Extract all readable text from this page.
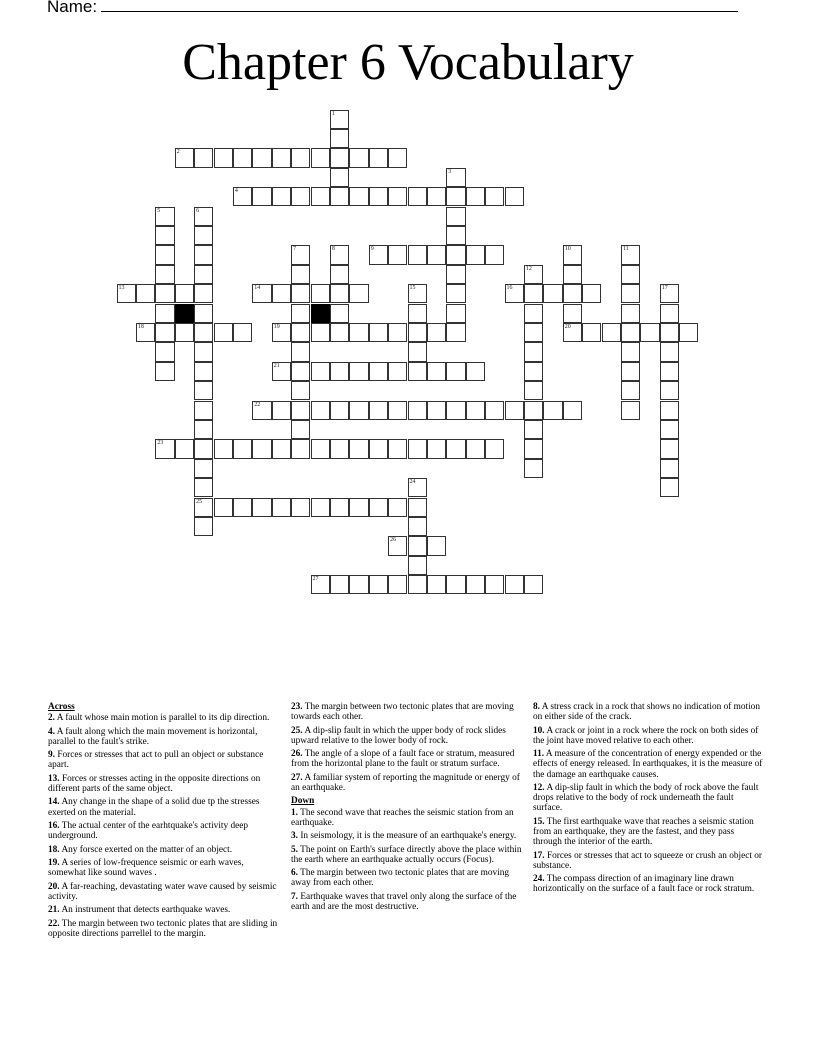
Name:
Chapter 6 Vocabulary
1
2
3
4
5	6
25
7	8	9	10
20
11
12
13	14	15	16	17
18	19
21
22
23
24
26
27
Across
2. A fault whose main motion is parallel to its dip direction.
4. A fault along which the main movement is horizontal, parallel to the fault's strike.
9. Forces or stresses that act to pull an object or substance apart.
13. Forces or stresses acting in the opposite directions on different parts of the same object.
14. Any change in the shape of a solid due tp the stresses exerted on the material.
16. The actual center of the earhtquake's activity deep underground.
18. Any forsce exerted on the matter of an object.
19. A series of low-frequence seismic or earh waves, somewhat like sound waves .
20. A far-reaching, devastating water wave caused by seismic activity.
21. An instrument that detects earthquake waves.
22. The margin between two tectonic plates that are sliding in opposite directions parrellel to the margin.
23. The margin between two tectonic plates that are moving towards each other.
25. A dip-slip fault in which the upper body of rock slides upward relative to the lower body of rock.
26. The angle of a slope of a fault face or stratum, measured from the horizontal plane to the fault or stratum surface.
27. A familiar system of reporting the magnitude or energy of an earthquake.
Down
1. The second wave that reaches the seismic station from an earthquake.
3. In seismology, it is the measure of an earthquake's energy.
5. The point on Earth's surface directly above the place within the earth where an earthquake actually occurs (Focus).
6. The margin between two tectonic plates that are moving away from each other.
7. Earthquake waves that travel only along the surface of the earth and are the most destructive.
8. A stress crack in a rock that shows no indication of motion on either side of the crack.
10. A crack or joint in a rock where the rock on both sides of the joint have moved relative to each other.
11. A measure of the concentration of energy expended or the effects of energy released. In earthquakes, it is the measure of the damage an earthquake causes.
12. A dip-slip fault in which the body of rock above the fault drops relative to the body of rock underneath the fault surface.
15. The first earthquake wave that reaches a seismic station from an earthquake, they are the fastest, and they pass through the interior of the earth.
17. Forces or stresses that act to squeeze or crush an object or substance.
24. The compass direction of an imaginary line drawn horizontically on the surface of a fault face or rock stratum.
